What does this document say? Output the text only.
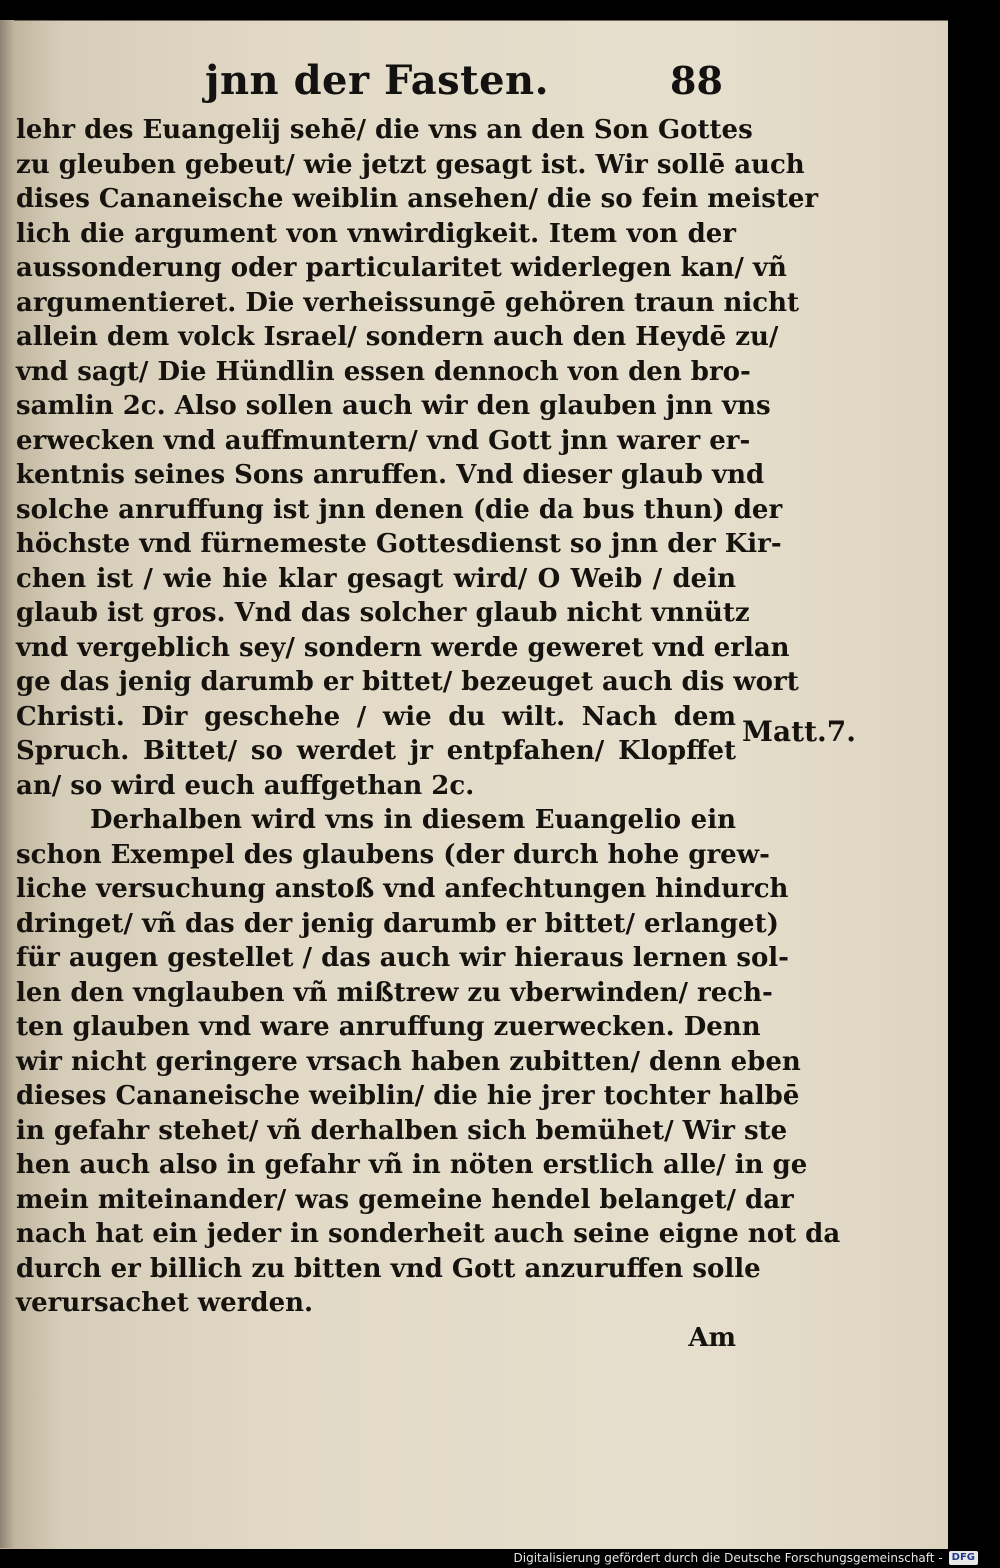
jnn der Fasten.	88
lehr des Euangelij sehē/ die vns an den Son Gottes
zu gleuben gebeut/ wie jetzt gesagt ist. Wir sollē auch
dises Cananeische weiblin ansehen/ die so fein meister
lich die argument von vnwirdigkeit. Item von der
aussonderung oder particularitet widerlegen kan/ vñ
argumentieret. Die verheissungē gehören traun nicht
allein dem volck Israel/ sondern auch den Heydē zu/
vnd sagt/ Die Hündlin essen dennoch von den bro-
samlin 2c. Also sollen auch wir den glauben jnn vns
erwecken vnd auffmuntern/ vnd Gott jnn warer er-
kentnis seines Sons anruffen. Vnd dieser glaub vnd
solche anruffung ist jnn denen (die da bus thun) der
höchste vnd fürnemeste Gottesdienst so jnn der Kir-
chen ist / wie hie klar gesagt wird/ O Weib / dein
glaub ist gros. Vnd das solcher glaub nicht vnnütz
vnd vergeblich sey/ sondern werde geweret vnd erlan
ge das jenig darumb er bittet/ bezeuget auch dis wort
Christi. Dir geschehe / wie du wilt. Nach dem
Spruch. Bittet/ so werdet jr entpfahen/ Klopffet
an/ so wird euch auffgethan 2c.
Derhalben wird vns in diesem Euangelio ein
schon Exempel des glaubens (der durch hohe grew-
liche versuchung anstoß vnd anfechtungen hindurch
dringet/ vñ das der jenig darumb er bittet/ erlanget)
für augen gestellet / das auch wir hieraus lernen sol-
len den vnglauben vñ mißtrew zu vberwinden/ rech-
ten glauben vnd ware anruffung zuerwecken. Denn
wir nicht geringere vrsach haben zubitten/ denn eben
dieses Cananeische weiblin/ die hie jrer tochter halbē
in gefahr stehet/ vñ derhalben sich bemühet/ Wir ste
hen auch also in gefahr vñ in nöten erstlich alle/ in ge
mein miteinander/ was gemeine hendel belanget/ dar
nach hat ein jeder in sonderheit auch seine eigne not da
durch er billich zu bitten vnd Gott anzuruffen solle
verursachet werden.
Am
Matt.7.
Digitalisierung gefördert durch die Deutsche Forschungsgemeinschaft - DFG
